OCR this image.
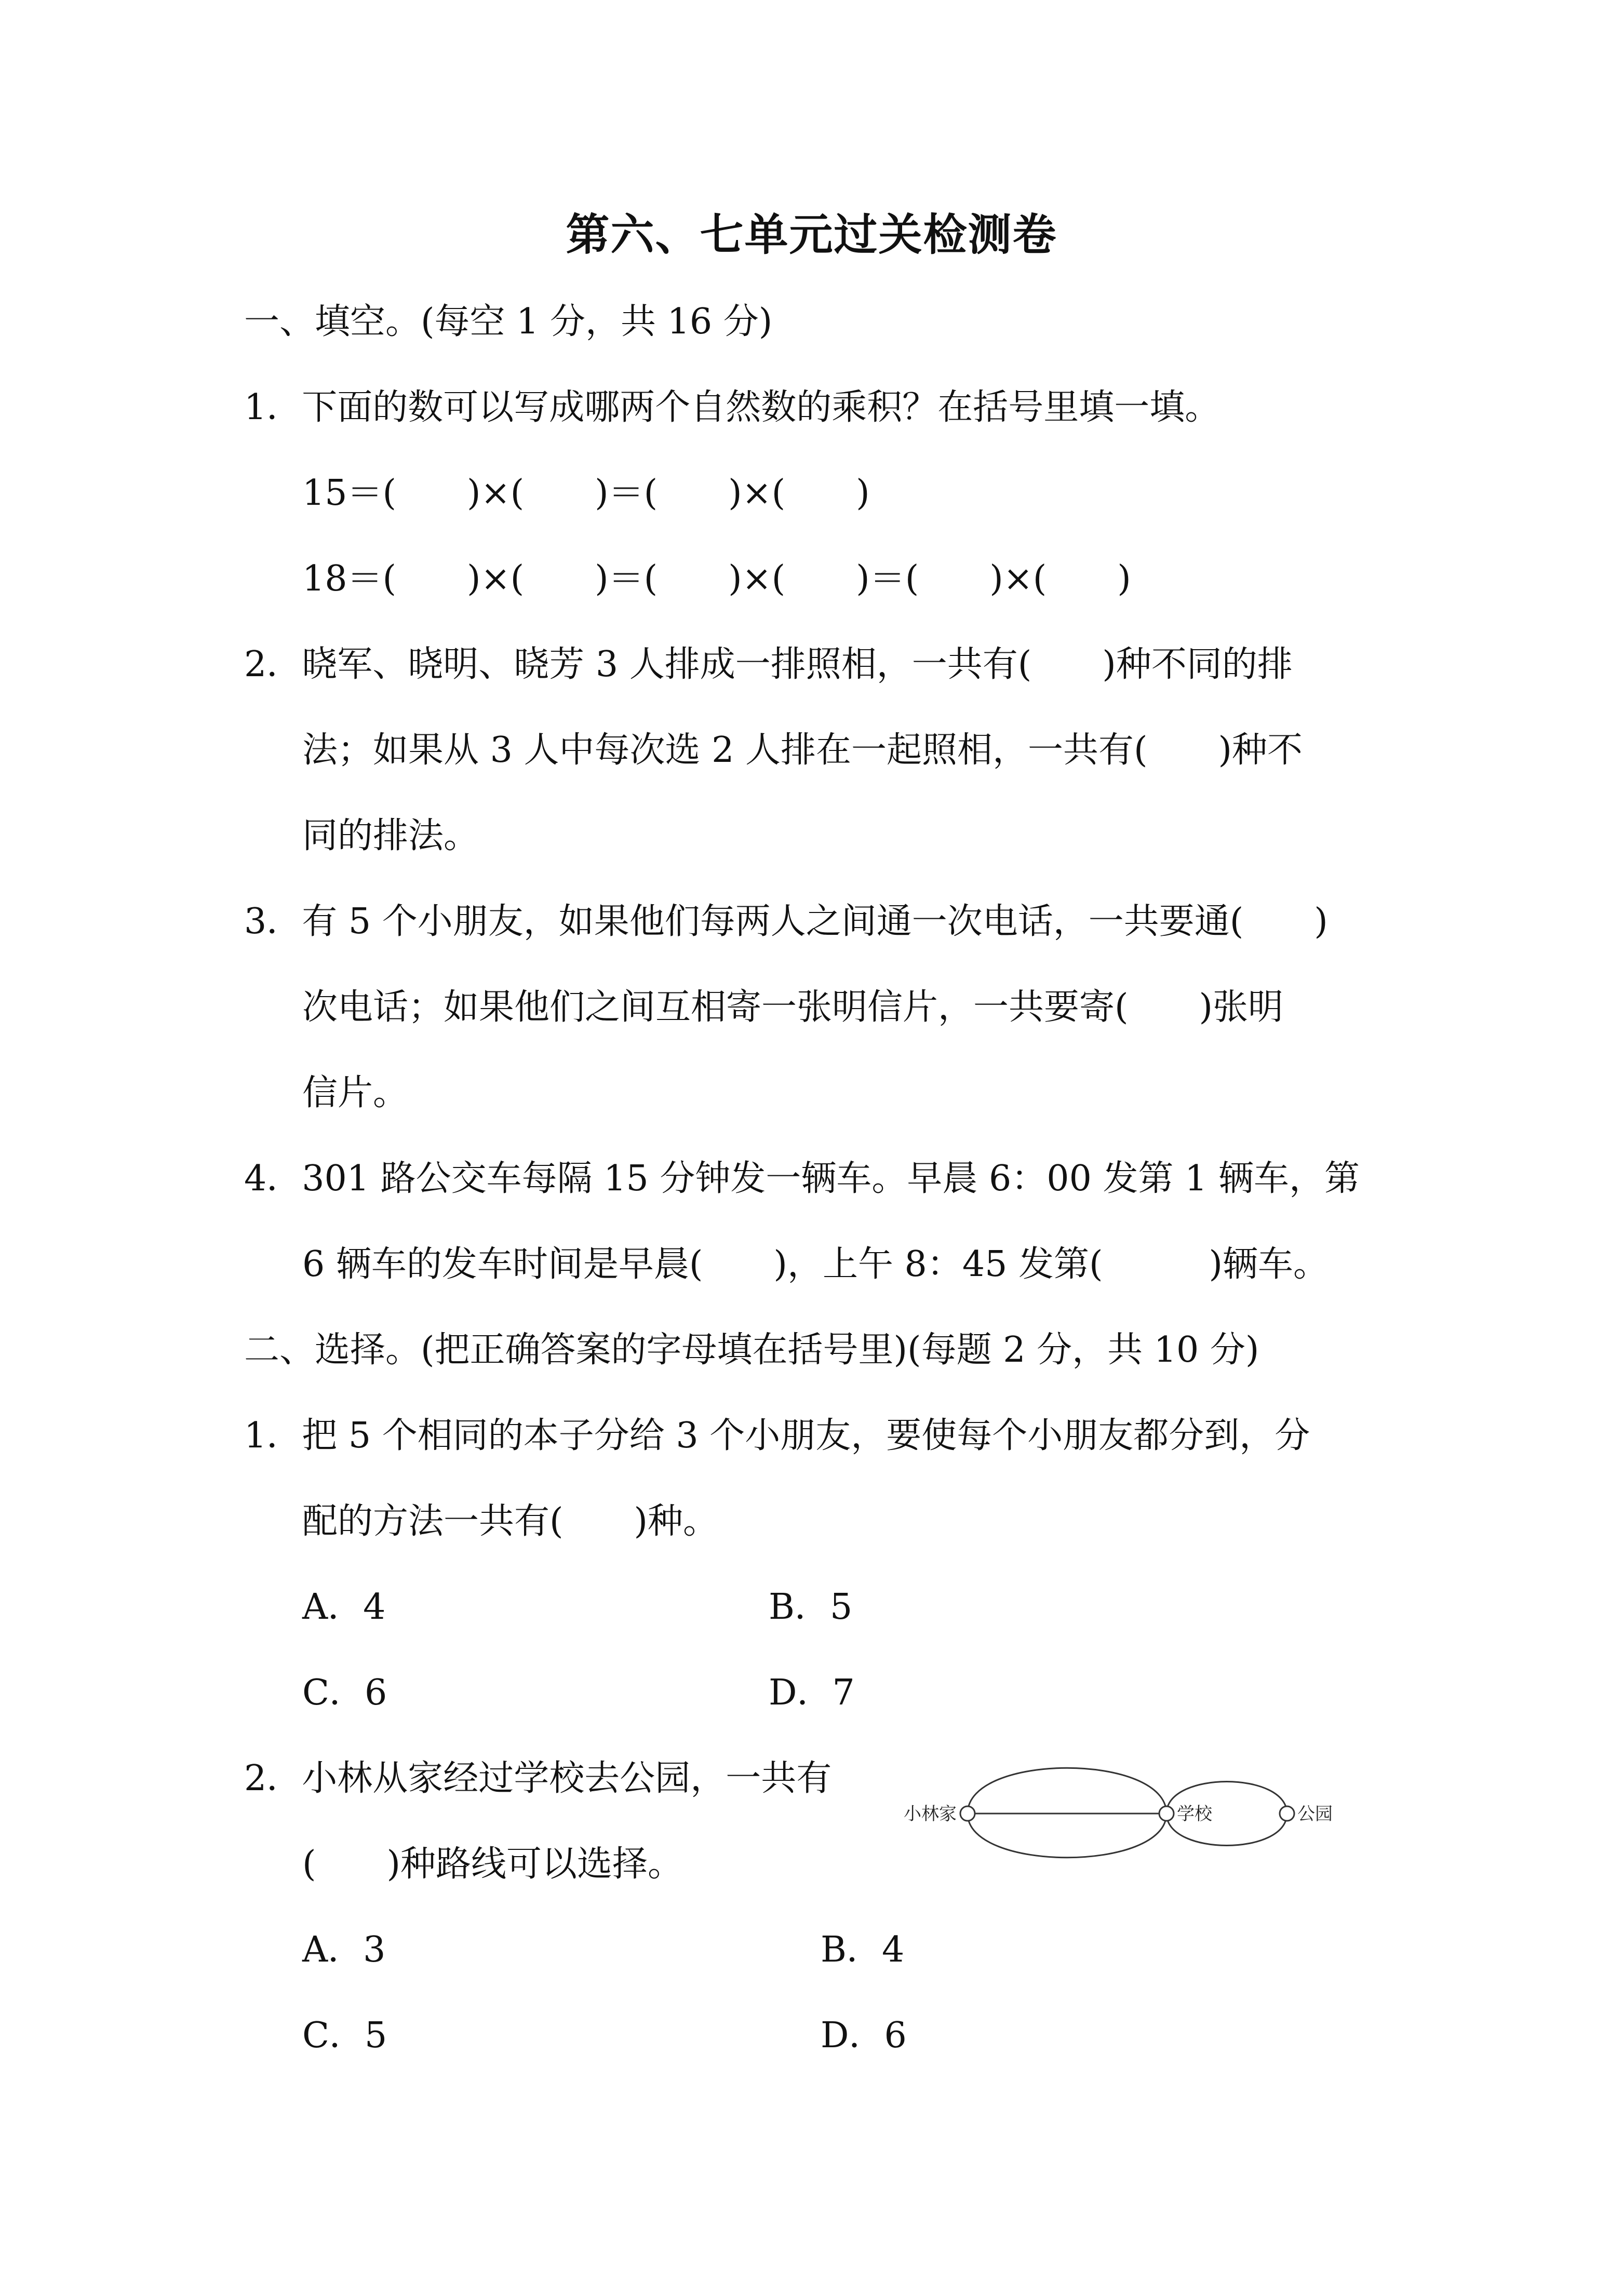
第六、七单元过关检测卷
一、填空。(每空 1 分，共 16 分)
1．下面的数可以写成哪两个自然数的乘积？在括号里填一填。
15＝(　　)×(　　)＝(　　)×(　　)
18＝(　　)×(　　)＝(　　)×(　　)＝(　　)×(　　)
2．晓军、晓明、晓芳 3 人排成一排照相，一共有(　　)种不同的排
法；如果从 3 人中每次选 2 人排在一起照相，一共有(　　)种不
同的排法。
3．有 5 个小朋友，如果他们每两人之间通一次电话，一共要通(　　)
次电话；如果他们之间互相寄一张明信片，一共要寄(　　)张明
信片。
4．301 路公交车每隔 15 分钟发一辆车。早晨 6：00 发第 1 辆车，第
6 辆车的发车时间是早晨(　　)，上午 8：45 发第(　　　)辆车。
二、选择。(把正确答案的字母填在括号里)(每题 2 分，共 10 分)
1．把 5 个相同的本子分给 3 个小朋友，要使每个小朋友都分到，分
配的方法一共有(　　)种。
A．4	B．5
C．6	D．7
2．小林从家经过学校去公园，一共有
(　　)种路线可以选择。
小林家	学校	公园
A．3	B．4
C．5	D．6
